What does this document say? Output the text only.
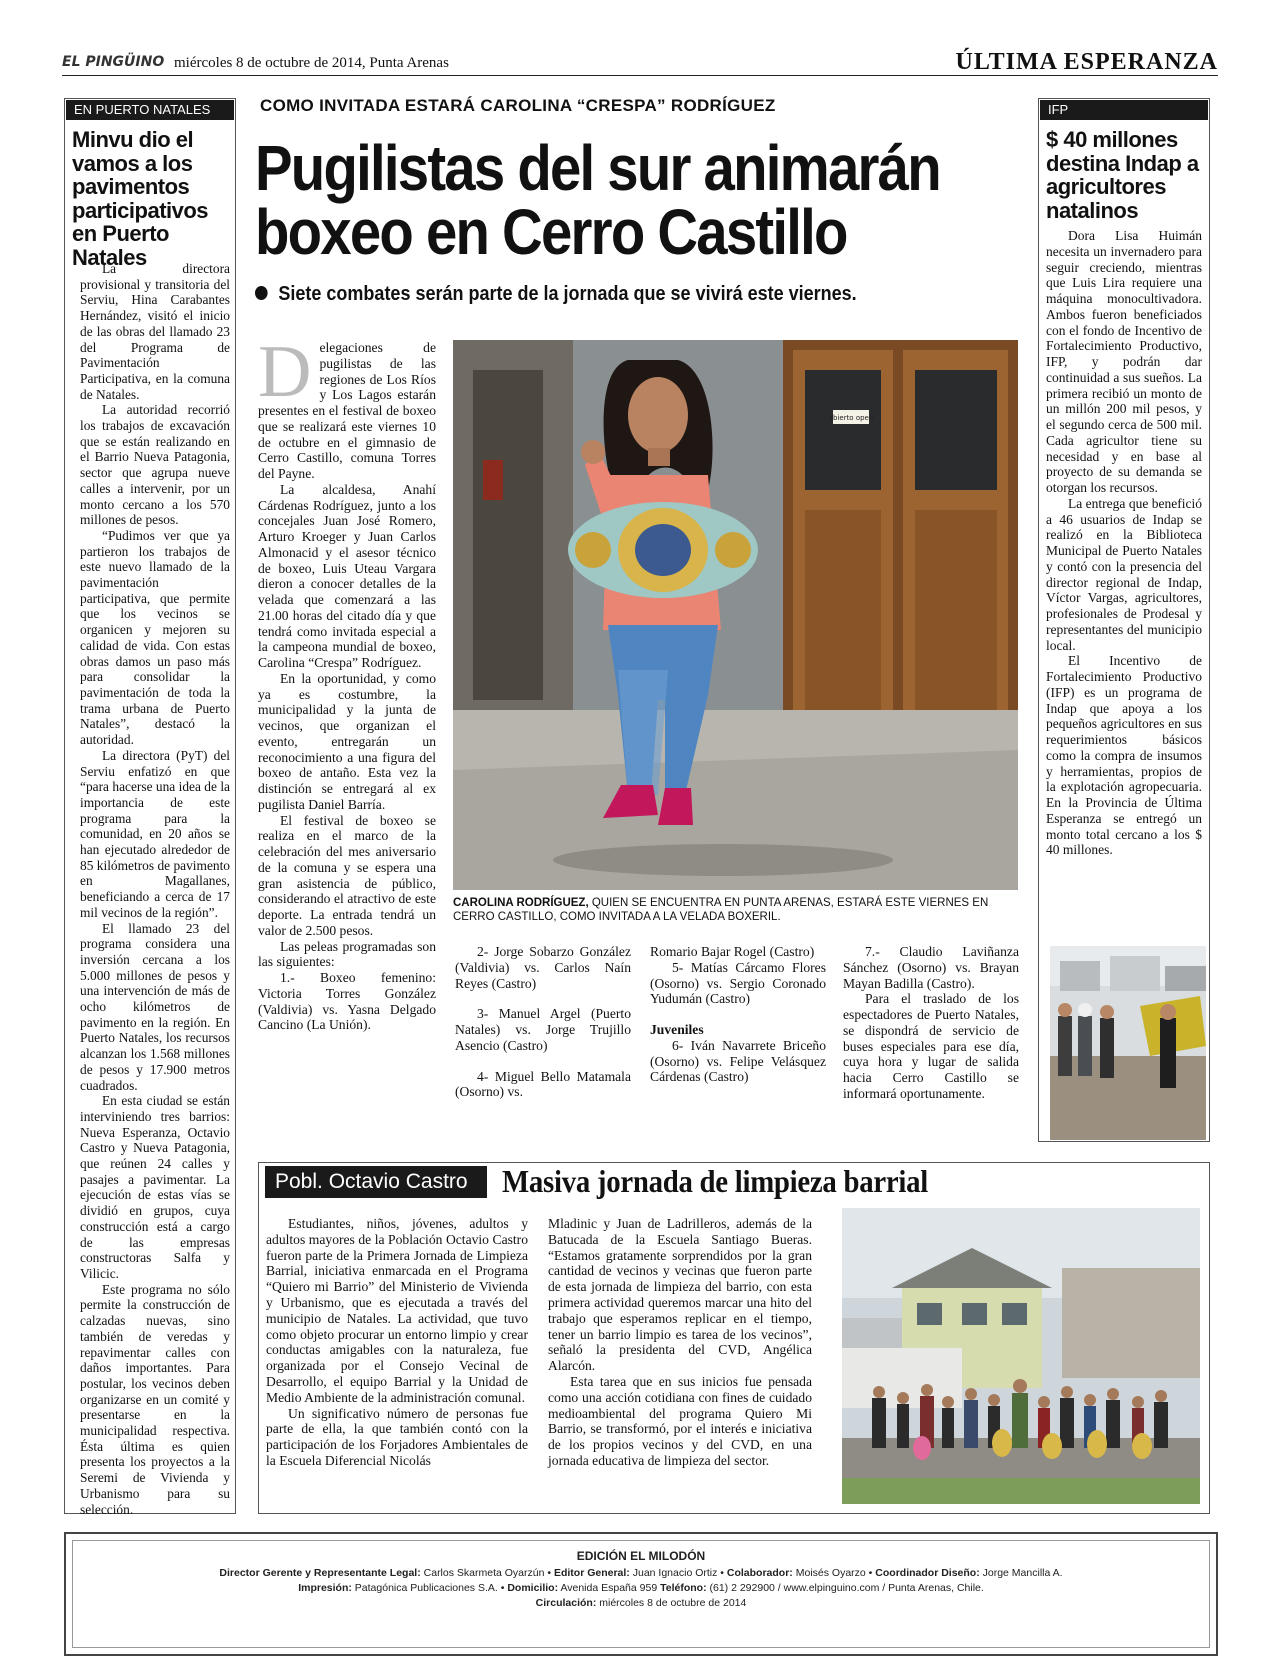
EL PINGÜINO miércoles 8 de octubre de 2014, Punta Arenas	ÚLTIMA ESPERANZA
EN PUERTO NATALES
Minvu dio el vamos a los pavimentos participativos en Puerto Natales

La directora provisional y transitoria del Serviu, Hina Carabantes Hernández, visitó el inicio de las obras del llamado 23 del Programa de Pavimentación Participativa, en la comuna de Natales.

La autoridad recorrió los trabajos de excavación que se están realizando en el Barrio Nueva Patagonia, sector que agrupa nueve calles a intervenir, por un monto cercano a los 570 millones de pesos.

“Pudimos ver que ya partieron los trabajos de este nuevo llamado de la pavimentación participativa, que permite que los vecinos se organicen y mejoren su calidad de vida. Con estas obras damos un paso más para consolidar la pavimentación de toda la trama urbana de Puerto Natales”, destacó la autoridad.

La directora (PyT) del Serviu enfatizó en que “para hacerse una idea de la importancia de este programa para la comunidad, en 20 años se han ejecutado alrededor de 85 kilómetros de pavimento en Magallanes, beneficiando a cerca de 17 mil vecinos de la región”.

El llamado 23 del programa considera una inversión cercana a los 5.000 millones de pesos y una intervención de más de ocho kilómetros de pavimento en la región. En Puerto Natales, los recursos alcanzan los 1.568 millones de pesos y 17.900 metros cuadrados.

En esta ciudad se están interviniendo tres barrios: Nueva Esperanza, Octavio Castro y Nueva Patagonia, que reúnen 24 calles y pasajes a pavimentar. La ejecución de estas vías se dividió en grupos, cuya construcción está a cargo de las empresas constructoras Salfa y Vilicic.

Este programa no sólo permite la construcción de calzadas nuevas, sino también de veredas y repavimentar calles con daños importantes. Para postular, los vecinos deben organizarse en un comité y presentarse en la municipalidad respectiva. Ésta última es quien presenta los proyectos a la Seremi de Vivienda y Urbanismo para su selección.

COMO INVITADA ESTARÁ CAROLINA “CRESPA” RODRÍGUEZ
Pugilistas del sur animarán
boxeo en Cerro Castillo
Siete combates serán parte de la jornada que se vivirá este viernes.

Delegaciones de pugilistas de las regiones de Los Ríos y Los Lagos estarán presentes en el festival de boxeo que se realizará este viernes 10 de octubre en el gimnasio de Cerro Castillo, comuna Torres del Payne.

La alcaldesa, Anahí Cárdenas Rodríguez, junto a los concejales Juan José Romero, Arturo Kroeger y Juan Carlos Almonacid y el asesor técnico de boxeo, Luis Uteau Vargara dieron a conocer detalles de la velada que comenzará a las 21.00 horas del citado día y que tendrá como invitada especial a la campeona mundial de boxeo, Carolina “Crespa” Rodríguez.

En la oportunidad, y como ya es costumbre, la municipalidad y la junta de vecinos, que organizan el evento, entregarán un reconocimiento a una figura del boxeo de antaño. Esta vez la distinción se entregará al ex pugilista Daniel Barría.

El festival de boxeo se realiza en el marco de la celebración del mes aniversario de la comuna y se espera una gran asistencia de público, considerando el atractivo de este deporte. La entrada tendrá un valor de 2.500 pesos.

Las peleas programadas son las siguientes:

1.- Boxeo femenino: Victoria Torres González (Valdivia) vs. Yasna Delgado Cancino (La Unión).

abierto open
CAROLINA RODRÍGUEZ, QUIEN SE ENCUENTRA EN PUNTA ARENAS, ESTARÁ ESTE VIERNES EN CERRO CASTILLO, COMO INVITADA A LA VELADA BOXERIL.

2- Jorge Sobarzo González (Valdivia) vs. Carlos Naín Reyes (Castro)

3- Manuel Argel (Puerto Natales) vs. Jorge Trujillo Asencio (Castro)

4- Miguel Bello Matamala (Osorno) vs.

Romario Bajar Rogel (Castro)

5- Matías Cárcamo Flores (Osorno) vs. Sergio Coronado Yudumán (Castro)

Juveniles

6- Iván Navarrete Briceño (Osorno) vs. Felipe Velásquez Cárdenas (Castro)

7.- Claudio Laviñanza Sánchez (Osorno) vs. Brayan Mayan Badilla (Castro).

Para el traslado de los espectadores de Puerto Natales, se dispondrá de servicio de buses especiales para ese día, cuya hora y lugar de salida hacia Cerro Castillo se informará oportunamente.

IFP
$ 40 millones destina Indap a agricultores natalinos

Dora Lisa Huimán necesita un invernadero para seguir creciendo, mientras que Luis Lira requiere una máquina monocultivadora. Ambos fueron beneficiados con el fondo de Incentivo de Fortalecimiento Productivo, IFP, y podrán dar continuidad a sus sueños. La primera recibió un monto de un millón 200 mil pesos, y el segundo cerca de 500 mil. Cada agricultor tiene su necesidad y en base al proyecto de su demanda se otorgan los recursos.

La entrega que benefició a 46 usuarios de Indap se realizó en la Biblioteca Municipal de Puerto Natales y contó con la presencia del director regional de Indap, Víctor Vargas, agricultores, profesionales de Prodesal y representantes del municipio local.

El Incentivo de Fortalecimiento Productivo (IFP) es un programa de Indap que apoya a los pequeños agricultores en sus requerimientos básicos como la compra de insumos y herramientas, propios de la explotación agropecuaria. En la Provincia de Última Esperanza se entregó un monto total cercano a los $ 40 millones.

Pobl. Octavio Castro	Masiva jornada de limpieza barrial

Estudiantes, niños, jóvenes, adultos y adultos mayores de la Población Octavio Castro fueron parte de la Primera Jornada de Limpieza Barrial, iniciativa enmarcada en el Programa “Quiero mi Barrio” del Ministerio de Vivienda y Urbanismo, que es ejecutada a través del municipio de Natales. La actividad, que tuvo como objeto procurar un entorno limpio y crear conductas amigables con la naturaleza, fue organizada por el Consejo Vecinal de Desarrollo, el equipo Barrial y la Unidad de Medio Ambiente de la administración comunal.

Un significativo número de personas fue parte de ella, la que también contó con la participación de los Forjadores Ambientales de la Escuela Diferencial Nicolás

Mladinic y Juan de Ladrilleros, además de la Batucada de la Escuela Santiago Bueras. “Estamos gratamente sorprendidos por la gran cantidad de vecinos y vecinas que fueron parte de esta jornada de limpieza del barrio, con esta primera actividad queremos marcar una hito del trabajo que esperamos replicar en el tiempo, tener un barrio limpio es tarea de los vecinos”, señaló la presidenta del CVD, Angélica Alarcón.

Esta tarea que en sus inicios fue pensada como una acción cotidiana con fines de cuidado medioambiental del programa Quiero Mi Barrio, se transformó, por el interés e iniciativa de los propios vecinos y del CVD, en una jornada educativa de limpieza del sector.

EDICIÓN EL MILODÓN
Director Gerente y Representante Legal: Carlos Skarmeta Oyarzún • Editor General: Juan Ignacio Ortiz • Colaborador: Moisés Oyarzo • Coordinador Diseño: Jorge Mancilla A.
Impresión: Patagónica Publicaciones S.A. • Domicilio: Avenida España 959 Teléfono: (61) 2 292900 / www.elpinguino.com / Punta Arenas, Chile.
Circulación: miércoles 8 de octubre de 2014
